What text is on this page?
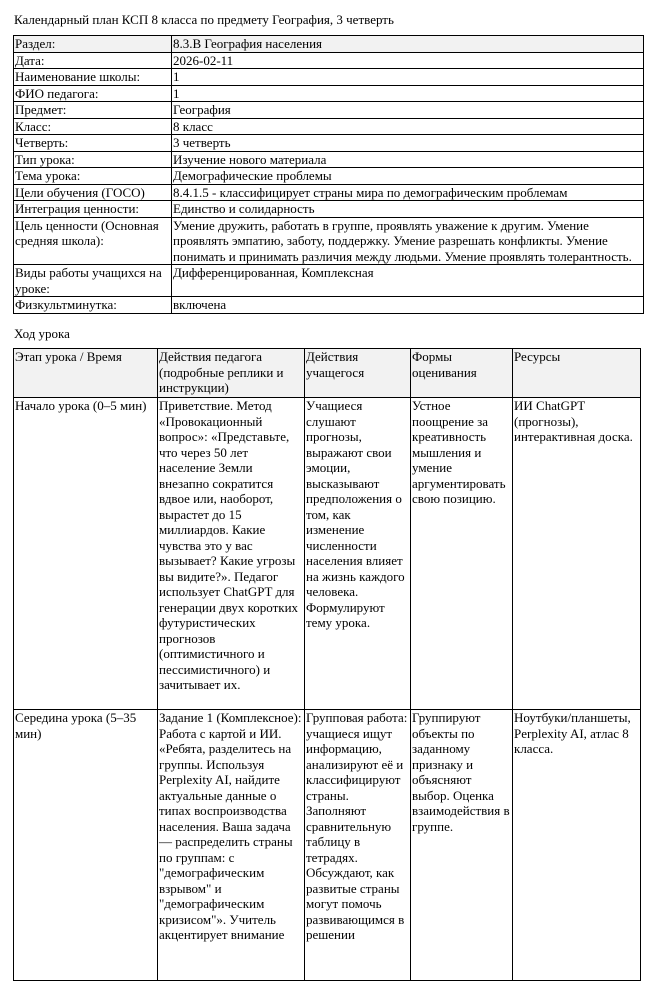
Календарный план КСП 8 класса по предмету География, 3 четверть
Раздел:	8.3.В География населения
Дата:	2026-02-11
Наименование школы:	1
ФИО педагога:	1
Предмет:	География
Класс:	8 класс
Четверть:	3 четверть
Тип урока:	Изучение нового материала
Тема урока:	Демографические проблемы
Цели обучения (ГОСО)	8.4.1.5 - классифицирует страны мира по демографическим проблемам
Интеграция ценности:	Единство и солидарность
Цель ценности (Основная средняя школа):	Умение дружить, работать в группе, проявлять уважение к другим. Умение проявлять эмпатию, заботу, поддержку. Умение разрешать конфликты. Умение понимать и принимать различия между людьми. Умение проявлять толерантность.
Виды работы учащихся на уроке:	Дифференцированная, Комплексная
Физкультминутка:	включена
Ход урока
Этап урока / Время	Действия педагога (подробные реплики и инструкции)	Действия учащегося	Формы оценивания	Ресурсы
Начало урока (0–5 мин)	Приветствие. Метод «Провокационный вопрос»: «Представьте, что через 50 лет население Земли внезапно сократится вдвое или, наоборот, вырастет до 15 миллиардов. Какие чувства это у вас вызывает? Какие угрозы вы видите?». Педагог использует ChatGPT для генерации двух коротких футуристических прогнозов (оптимистичного и пессимистичного) и зачитывает их.	Учащиеся слушают прогнозы, выражают свои эмоции, высказывают предположения о том, как изменение численности населения влияет на жизнь каждого человека. Формулируют тему урока.	Устное поощрение за креативность мышления и умение аргументировать свою позицию.	ИИ ChatGPT (прогнозы), интерактивная доска.
Середина урока (5–35 мин)	Задание 1 (Комплексное): Работа с картой и ИИ. «Ребята, разделитесь на группы. Используя Perplexity AI, найдите актуальные данные о типах воспроизводства населения. Ваша задача — распределить страны по группам: с "демографическим взрывом" и "демографическим кризисом"». Учитель акцентирует внимание	Групповая работа: учащиеся ищут информацию, анализируют её и классифицируют страны. Заполняют сравнительную таблицу в тетрадях. Обсуждают, как развитые страны могут помочь развивающимся в решении	Группируют объекты по заданному признаку и объясняют выбор. Оценка взаимодействия в группе.	Ноутбуки/планшеты, Perplexity AI, атлас 8 класса.
